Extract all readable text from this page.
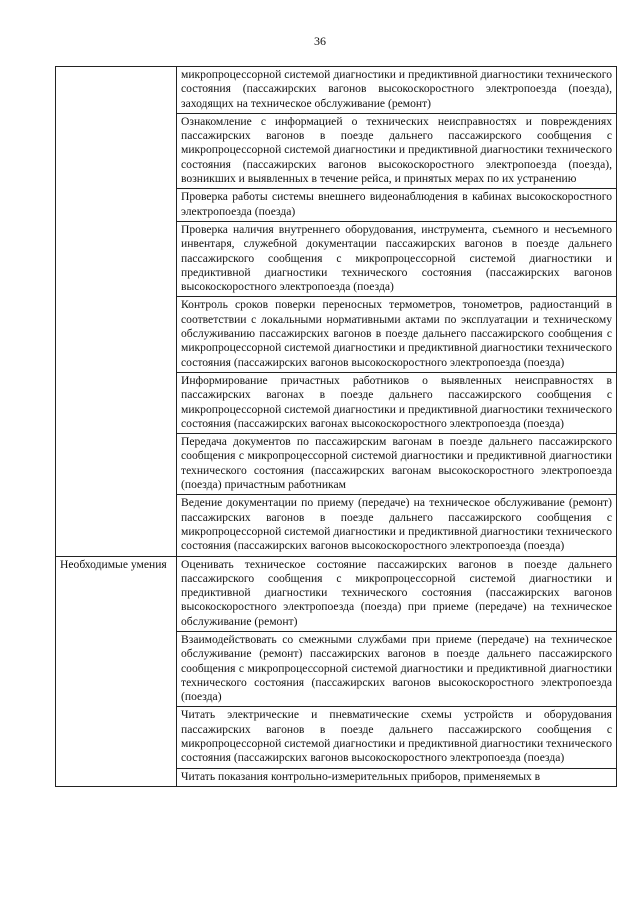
36
	микропроцессорной системой диагностики и предиктивной диагностики технического состояния (пассажирских вагонов высокоскоростного электропоезда (поезда), заходящих на техническое обслуживание (ремонт)
	Ознакомление с информацией о технических неисправностях и повреждениях пассажирских вагонов в поезде дальнего пассажирского сообщения с микропроцессорной системой диагностики и предиктивной диагностики технического состояния (пассажирских вагонов высокоскоростного электропоезда (поезда), возникших и выявленных в течение рейса, и принятых мерах по их устранению
	Проверка работы системы внешнего видеонаблюдения в кабинах высокоскоростного электропоезда (поезда)
	Проверка наличия внутреннего оборудования, инструмента, съемного и несъемного инвентаря, служебной документации пассажирских вагонов в поезде дальнего пассажирского сообщения с микропроцессорной системой диагностики и предиктивной диагностики технического состояния (пассажирских вагонов высокоскоростного электропоезда (поезда)
	Контроль сроков поверки переносных термометров, тонометров, радиостанций в соответствии с локальными нормативными актами по эксплуатации и техническому обслуживанию пассажирских вагонов в поезде дальнего пассажирского сообщения с микропроцессорной системой диагностики и предиктивной диагностики технического состояния (пассажирских вагонов высокоскоростного электропоезда (поезда)
	Информирование причастных работников о выявленных неисправностях в пассажирских вагонах в поезде дальнего пассажирского сообщения с микропроцессорной системой диагностики и предиктивной диагностики технического состояния (пассажирских вагонах высокоскоростного электропоезда (поезда)
	Передача документов по пассажирским вагонам в поезде дальнего пассажирского сообщения с микропроцессорной системой диагностики и предиктивной диагностики технического состояния (пассажирских вагонам высокоскоростного электропоезда (поезда) причастным работникам
	Ведение документации по приему (передаче) на техническое обслуживание (ремонт) пассажирских вагонов в поезде дальнего пассажирского сообщения с микропроцессорной системой диагностики и предиктивной диагностики технического состояния (пассажирских вагонов высокоскоростного электропоезда (поезда)
Необходимые умения	Оценивать техническое состояние пассажирских вагонов в поезде дальнего пассажирского сообщения с микропроцессорной системой диагностики и предиктивной диагностики технического состояния (пассажирских вагонов высокоскоростного электропоезда (поезда) при приеме (передаче) на техническое обслуживание (ремонт)
	Взаимодействовать со смежными службами при приеме (передаче) на техническое обслуживание (ремонт) пассажирских вагонов в поезде дальнего пассажирского сообщения с микропроцессорной системой диагностики и предиктивной диагностики технического состояния (пассажирских вагонов высокоскоростного электропоезда (поезда)
	Читать электрические и пневматические схемы устройств и оборудования пассажирских вагонов в поезде дальнего пассажирского сообщения с микропроцессорной системой диагностики и предиктивной диагностики технического состояния (пассажирских вагонов высокоскоростного электропоезда (поезда)
	Читать показания контрольно-измерительных приборов, применяемых в
